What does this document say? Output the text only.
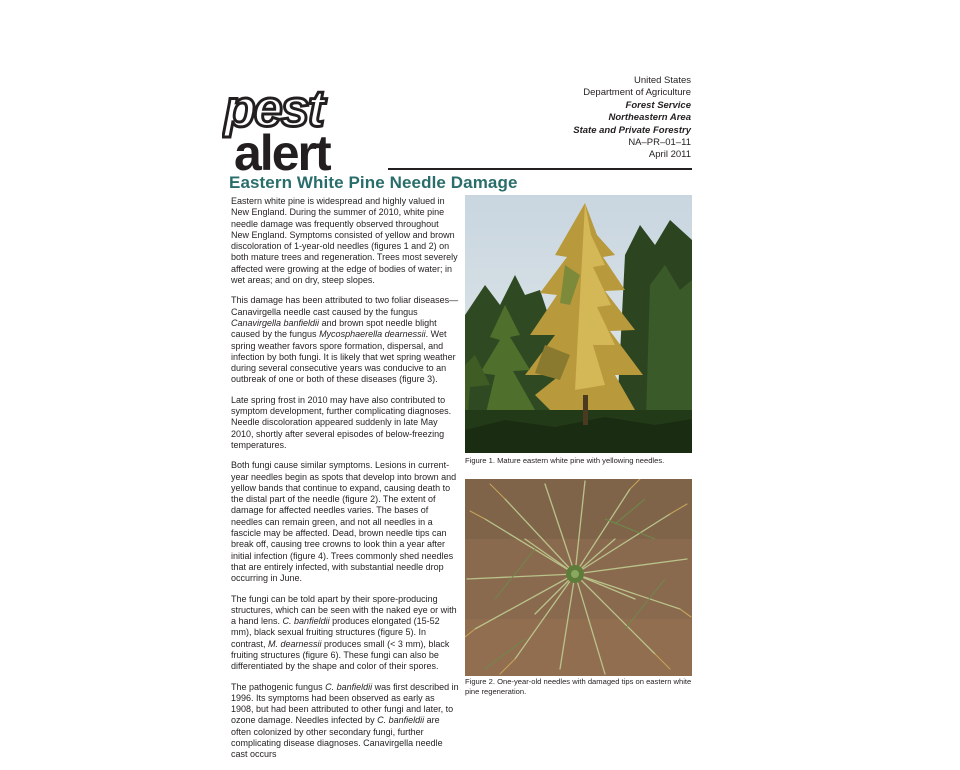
pest
alert
United States
Department of Agriculture
Forest Service
Northeastern Area
State and Private Forestry
NA–PR–01–11
April 2011
Eastern White Pine Needle Damage

Eastern white pine is widespread and highly valued in New England. During the summer of 2010, white pine needle damage was frequently observed throughout New England. Symptoms consisted of yellow and brown discoloration of 1-year-old needles (figures 1 and 2) on both mature trees and regeneration. Trees most severely affected were growing at the edge of bodies of water; in wet areas; and on dry, steep slopes.

This damage has been attributed to two foliar diseases—Canavirgella needle cast caused by the fungus Canavirgella banfieldii and brown spot needle blight caused by the fungus Mycosphaerella dearnessii. Wet spring weather favors spore formation, dispersal, and infection by both fungi. It is likely that wet spring weather during several consecutive years was conducive to an outbreak of one or both of these diseases (figure 3).

Late spring frost in 2010 may have also contributed to symptom development, further complicating diagnoses. Needle discoloration appeared suddenly in late May 2010, shortly after several episodes of below-freezing temperatures.

Both fungi cause similar symptoms. Lesions in current-year needles begin as spots that develop into brown and yellow bands that continue to expand, causing death to the distal part of the needle (figure 2). The extent of damage for affected needles varies. The bases of needles can remain green, and not all needles in a fascicle may be affected. Dead, brown needle tips can break off, causing tree crowns to look thin a year after initial infection (figure 4). Trees commonly shed needles that are entirely infected, with substantial needle drop occurring in June.

The fungi can be told apart by their spore-producing structures, which can be seen with the naked eye or with a hand lens. C. banfieldii produces elongated (15-52 mm), black sexual fruiting structures (figure 5). In contrast, M. dearnessii produces small (< 3 mm), black fruiting structures (figure 6). These fungi can also be differentiated by the shape and color of their spores.

The pathogenic fungus C. banfieldii was first described in 1996. Its symptoms had been observed as early as 1908, but had been attributed to other fungi and later, to ozone damage. Needles infected by C. banfieldii are often colonized by other secondary fungi, further complicating disease diagnoses. Canavirgella needle cast occurs

Figure 1. Mature eastern white pine with yellowing needles.
Figure 2. One-year-old needles with damaged tips on eastern white pine regeneration.
